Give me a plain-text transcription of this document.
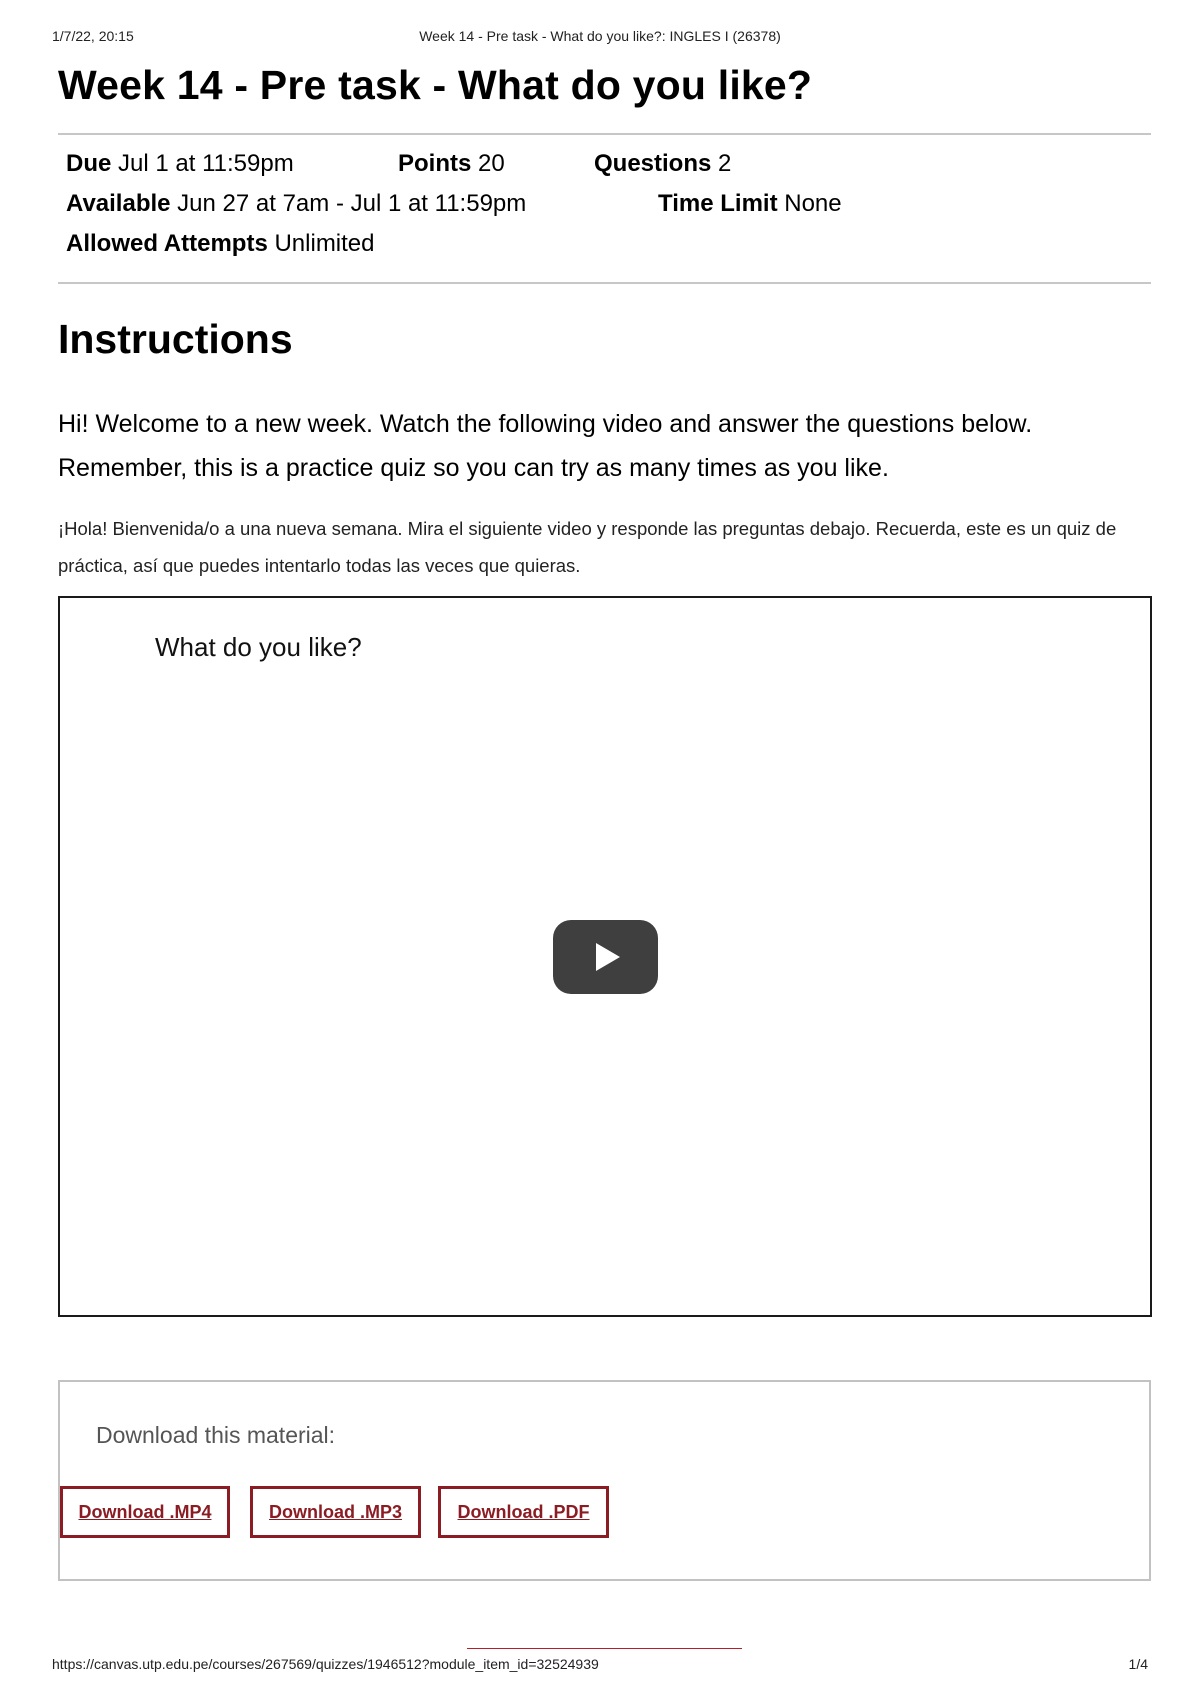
1/7/22, 20:15	Week 14 - Pre task - What do you like?: INGLES I (26378)
Week 14 - Pre task - What do you like?
Due Jul 1 at 11:59pm	Points 20	Questions 2
Available Jun 27 at 7am - Jul 1 at 11:59pm	Time Limit None
Allowed Attempts Unlimited
Instructions

Hi! Welcome to a new week. Watch the following video and answer the questions below. Remember, this is a practice quiz so you can try as many times as you like.

¡Hola! Bienvenida/o a una nueva semana. Mira el siguiente video y responde las preguntas debajo. Recuerda, este es un quiz de práctica, así que puedes intentarlo todas las veces que quieras.

What do you like?
Download this material:
Download .MP4	Download .MP3	Download .PDF
https://canvas.utp.edu.pe/courses/267569/quizzes/1946512?module_item_id=32524939	1/4
